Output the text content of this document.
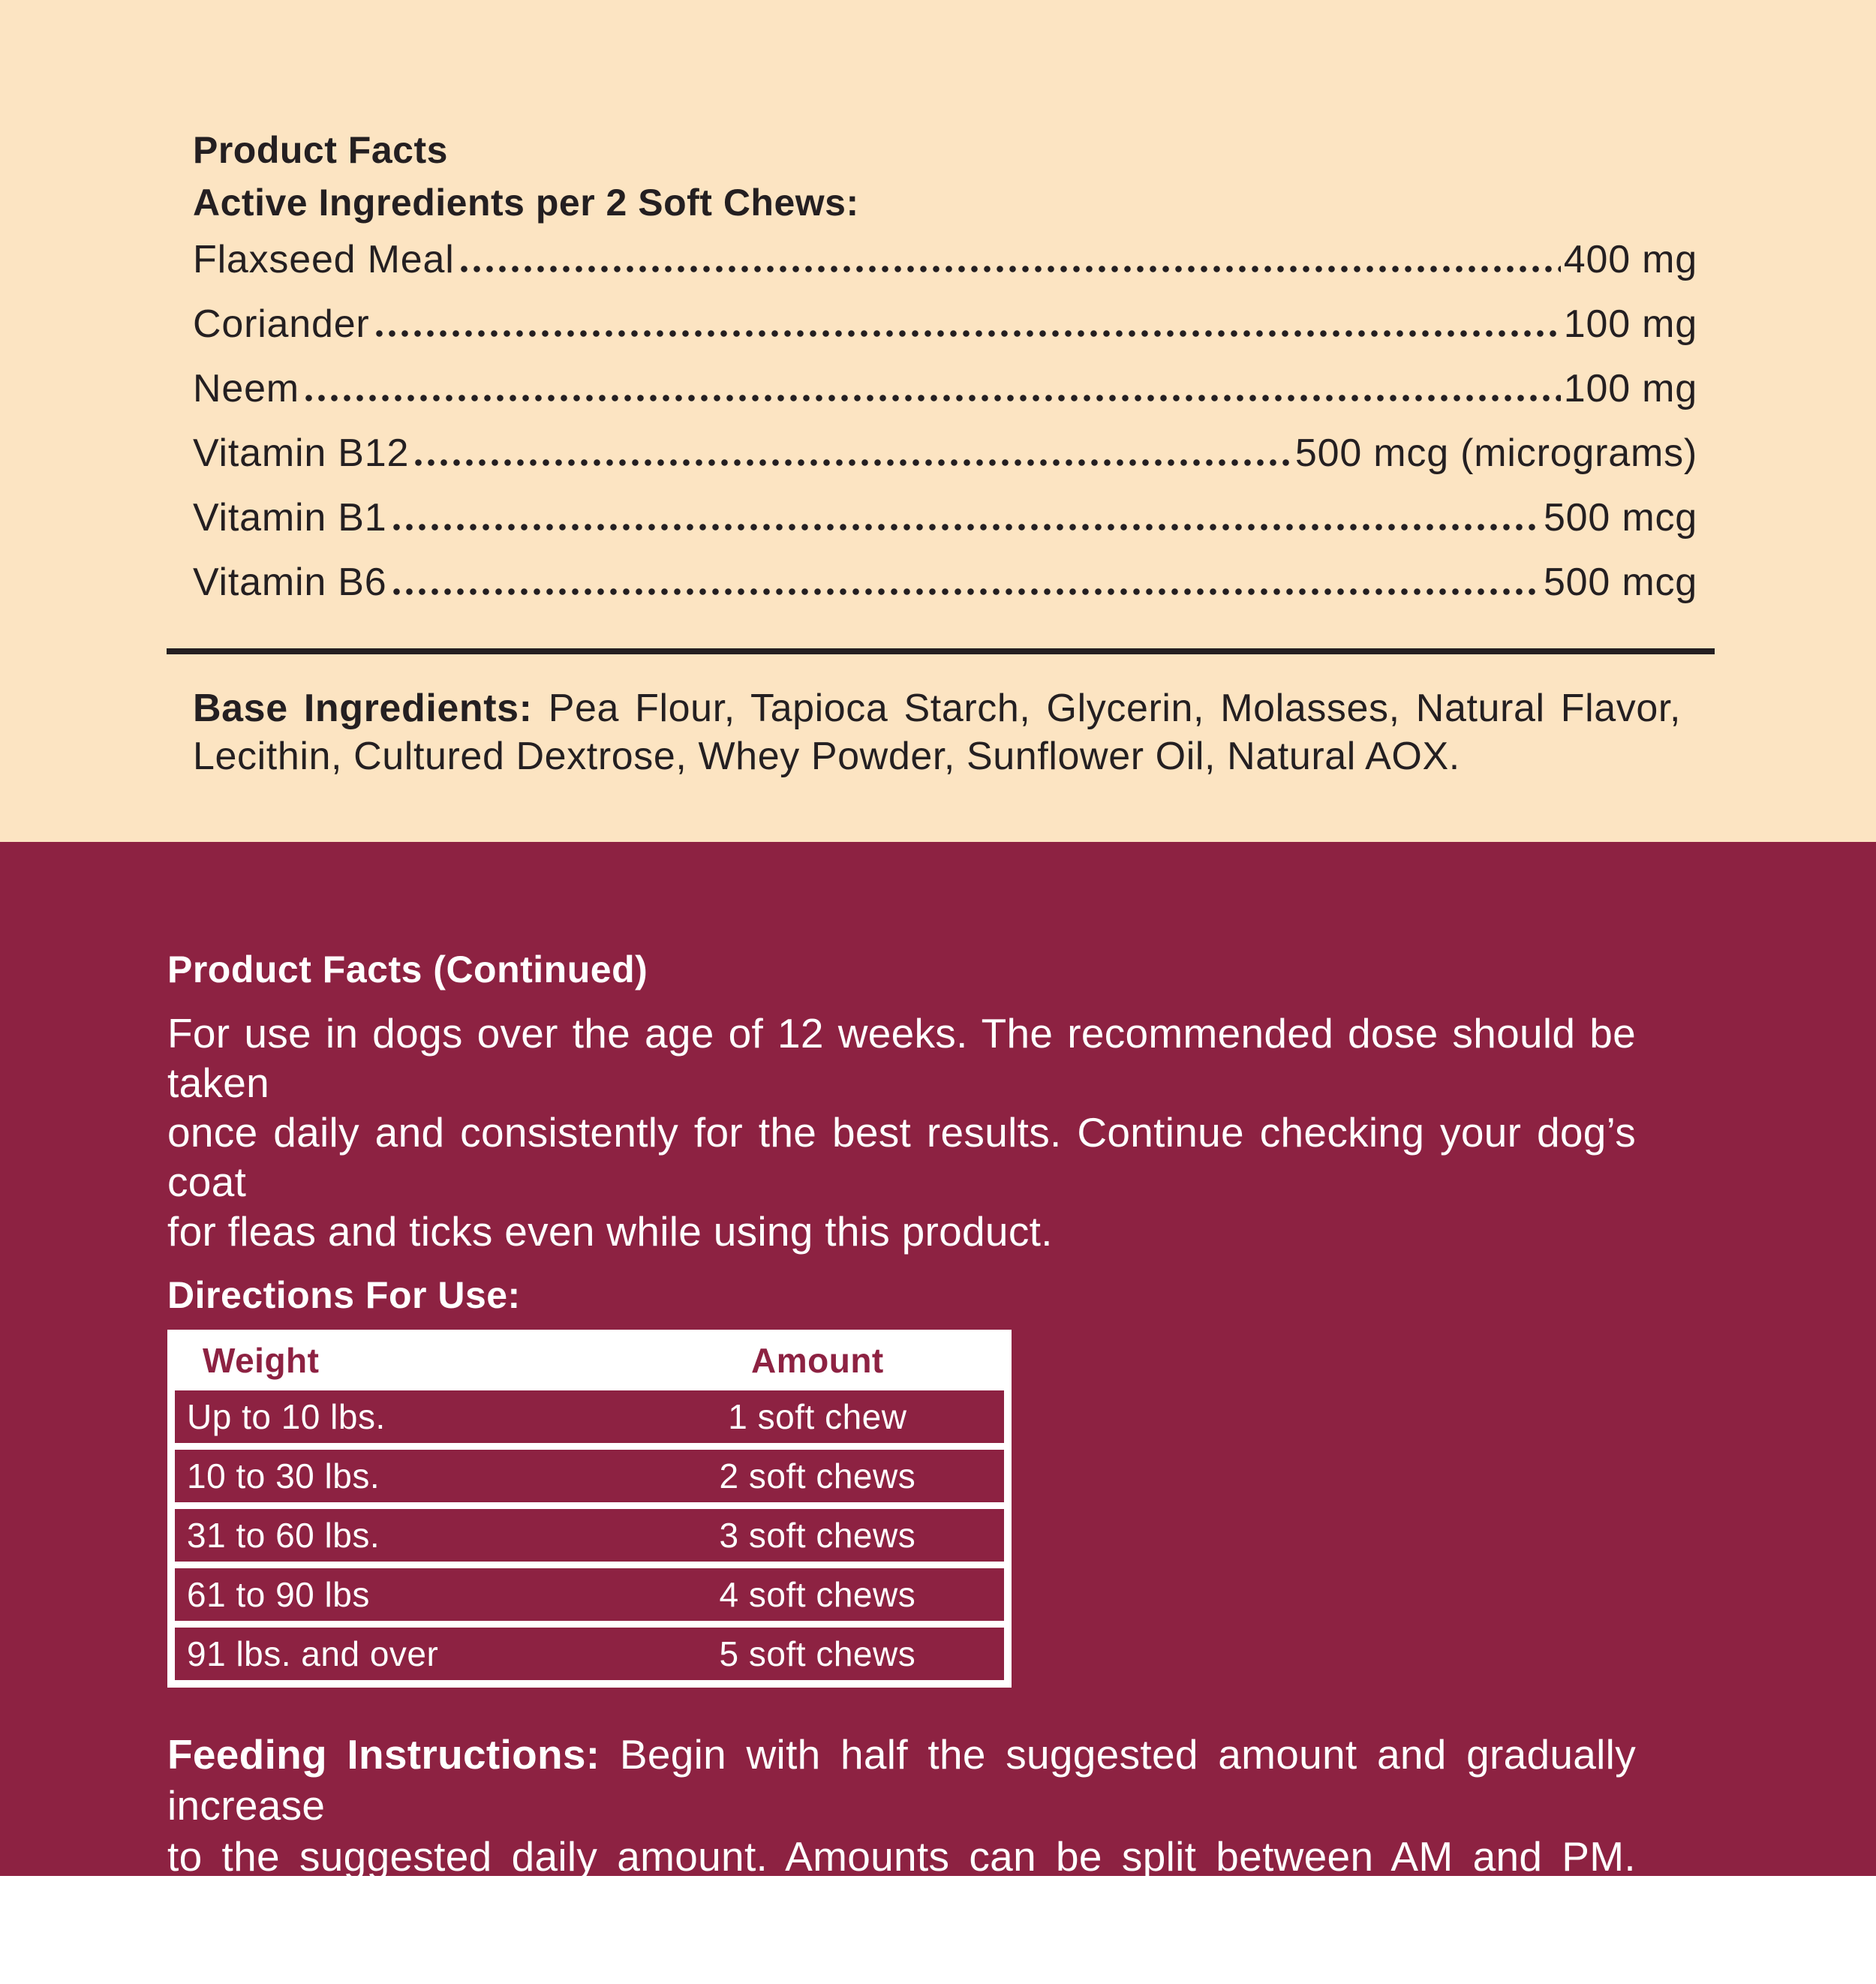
Product Facts
Active Ingredients per 2 Soft Chews:
Flaxseed Meal	400 mg
Coriander	100 mg
Neem	100 mg
Vitamin B12	500 mcg (micrograms)
Vitamin B1	500 mcg
Vitamin B6	500 mcg
Base Ingredients: Pea Flour, Tapioca Starch, Glycerin, Molasses, Natural Flavor,
Lecithin, Cultured Dextrose, Whey Powder, Sunflower Oil, Natural AOX.
Product Facts (Continued)
For use in dogs over the age of 12 weeks. The recommended dose should be taken
once daily and consistently for the best results. Continue checking your dog’s coat
for fleas and ticks even while using this product.
Directions For Use:
Weight	Amount
Up to 10 lbs.	1 soft chew
10 to 30 lbs.	2 soft chews
31 to 60 lbs.	3 soft chews
61 to 90 lbs	4 soft chews
91 lbs. and over	5 soft chews
Feeding Instructions: Begin with half the suggested amount and gradually increase
to the suggested daily amount. Amounts can be split between AM and PM. Allow
two to four weeks to see results.
